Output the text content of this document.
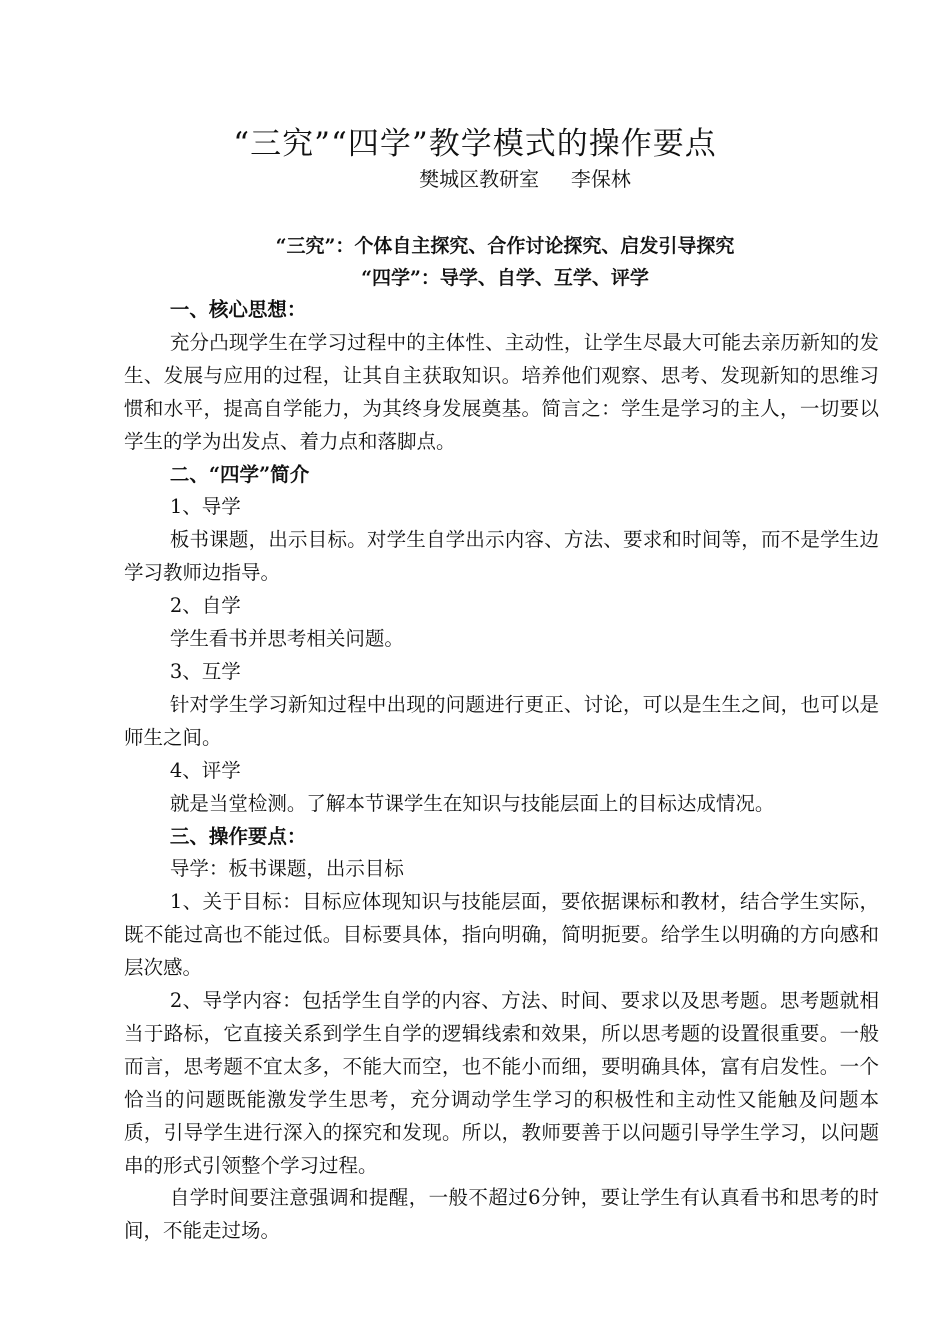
“三究”“四学”教学模式的操作要点
樊城区教研室     李保林
“三究”：个体自主探究、合作讨论探究、启发引导探究
“四学”：导学、自学、互学、评学

一、核心思想：

充分凸现学生在学习过程中的主体性、主动性，让学生尽最大可能去亲历新知的发生、发展与应用的过程，让其自主获取知识。培养他们观察、思考、发现新知的思维习惯和水平，提高自学能力，为其终身发展奠基。简言之：学生是学习的主人，一切要以学生的学为出发点、着力点和落脚点。

二、“四学”简介

1、导学

板书课题，出示目标。对学生自学出示内容、方法、要求和时间等，而不是学生边学习教师边指导。

2、自学

学生看书并思考相关问题。

3、互学

针对学生学习新知过程中出现的问题进行更正、讨论，可以是生生之间，也可以是师生之间。

4、评学

就是当堂检测。了解本节课学生在知识与技能层面上的目标达成情况。

三、操作要点：

导学：板书课题，出示目标

1、关于目标：目标应体现知识与技能层面，要依据课标和教材，结合学生实际，既不能过高也不能过低。目标要具体，指向明确，简明扼要。给学生以明确的方向感和层次感。

2、导学内容：包括学生自学的内容、方法、时间、要求以及思考题。思考题就相当于路标，它直接关系到学生自学的逻辑线索和效果，所以思考题的设置很重要。一般而言，思考题不宜太多，不能大而空，也不能小而细，要明确具体，富有启发性。一个恰当的问题既能激发学生思考，充分调动学生学习的积极性和主动性又能触及问题本质，引导学生进行深入的探究和发现。所以，教师要善于以问题引导学生学习，以问题串的形式引领整个学习过程。

自学时间要注意强调和提醒，一般不超过6分钟，要让学生有认真看书和思考的时间，不能走过场。
